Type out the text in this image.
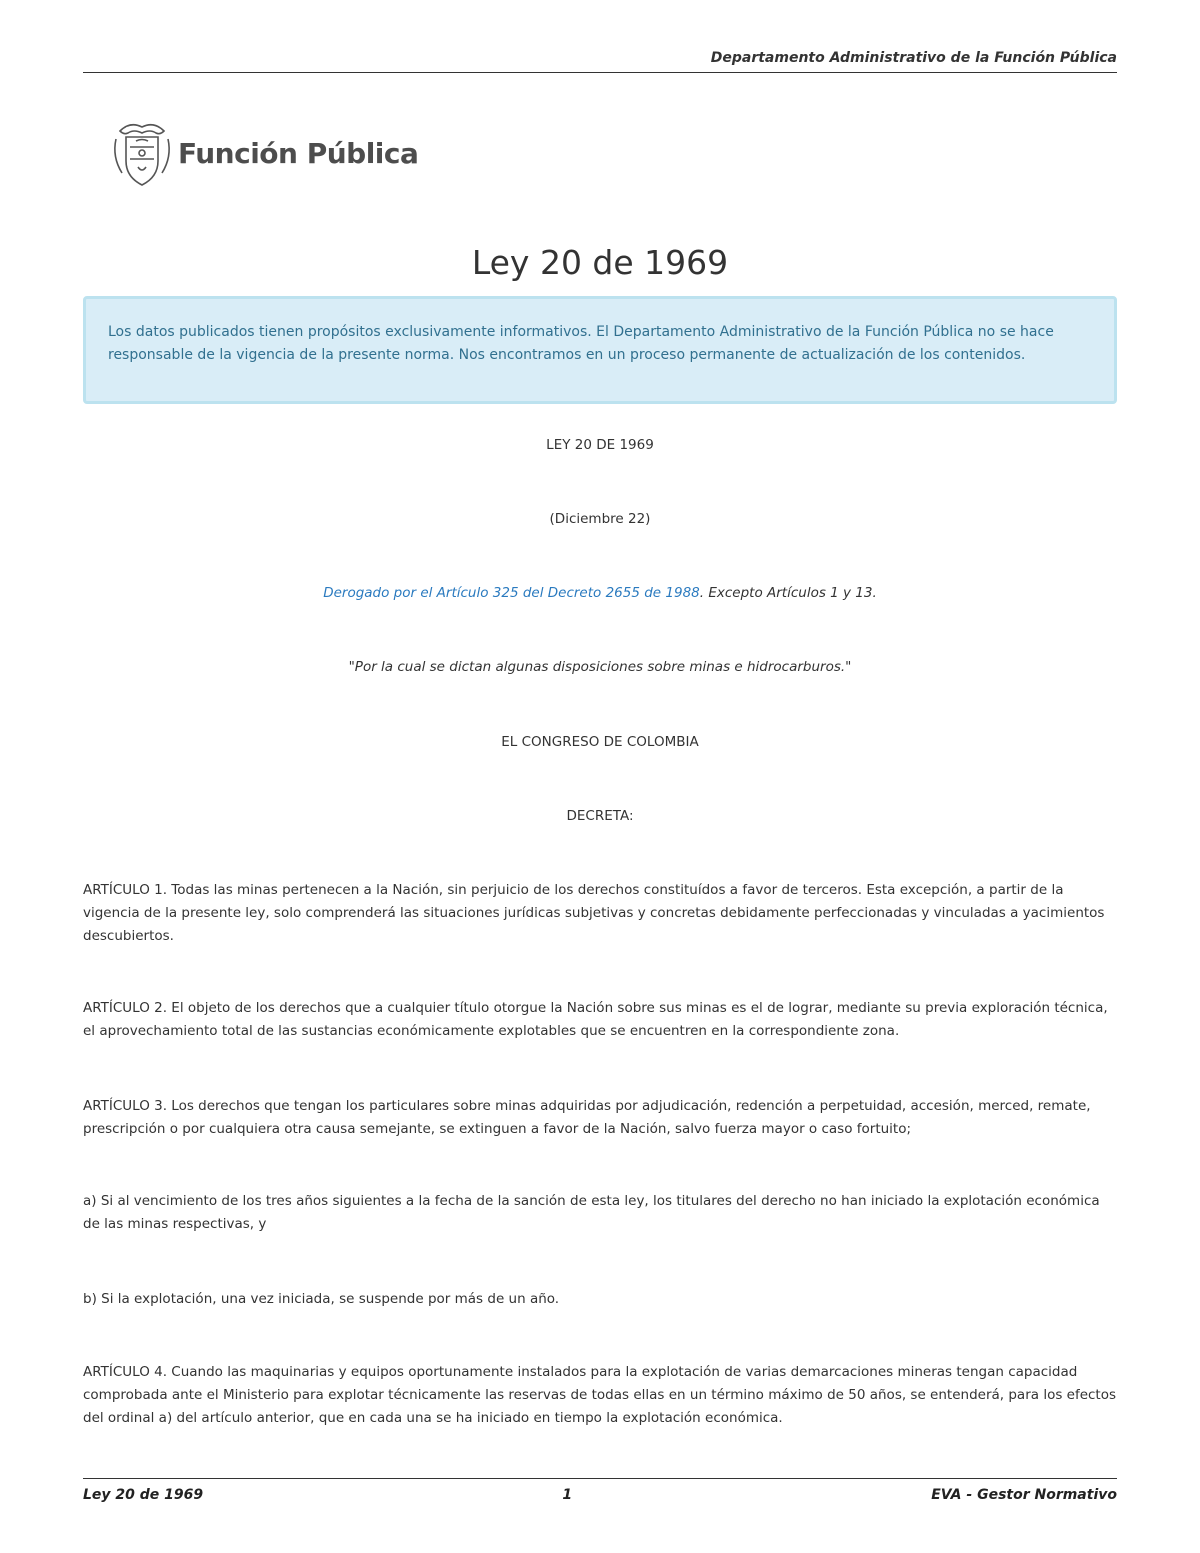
Departamento Administrativo de la Función Pública
Función Pública
Ley 20 de 1969
Los datos publicados tienen propósitos exclusivamente informativos. El Departamento Administrativo de la Función Pública no se hace responsable de la vigencia de la presente norma. Nos encontramos en un proceso permanente de actualización de los contenidos.
LEY 20 DE 1969
(Diciembre 22)
Derogado por el Artículo 325 del Decreto 2655 de 1988. Excepto Artículos 1 y 13.
"Por la cual se dictan algunas disposiciones sobre minas e hidrocarburos."
EL CONGRESO DE COLOMBIA
DECRETA:
ARTÍCULO 1. Todas las minas pertenecen a la Nación, sin perjuicio de los derechos constituídos a favor de terceros. Esta excepción, a partir de la vigencia de la presente ley, solo comprenderá las situaciones jurídicas subjetivas y concretas debidamente perfeccionadas y vinculadas a yacimientos descubiertos.
ARTÍCULO 2. El objeto de los derechos que a cualquier título otorgue la Nación sobre sus minas es el de lograr, mediante su previa exploración técnica, el aprovechamiento total de las sustancias económicamente explotables que se encuentren en la correspondiente zona.
ARTÍCULO 3. Los derechos que tengan los particulares sobre minas adquiridas por adjudicación, redención a perpetuidad, accesión, merced, remate, prescripción o por cualquiera otra causa semejante, se extinguen a favor de la Nación, salvo fuerza mayor o caso fortuito;
a) Si al vencimiento de los tres años siguientes a la fecha de la sanción de esta ley, los titulares del derecho no han iniciado la explotación económica de las minas respectivas, y
b) Si la explotación, una vez iniciada, se suspende por más de un año.
ARTÍCULO 4. Cuando las maquinarias y equipos oportunamente instalados para la explotación de varias demarcaciones mineras tengan capacidad comprobada ante el Ministerio para explotar técnicamente las reservas de todas ellas en un término máximo de 50 años, se entenderá, para los efectos del ordinal a) del artículo anterior, que en cada una se ha iniciado en tiempo la explotación económica.
Ley 20 de 1969	1	EVA - Gestor Normativo
